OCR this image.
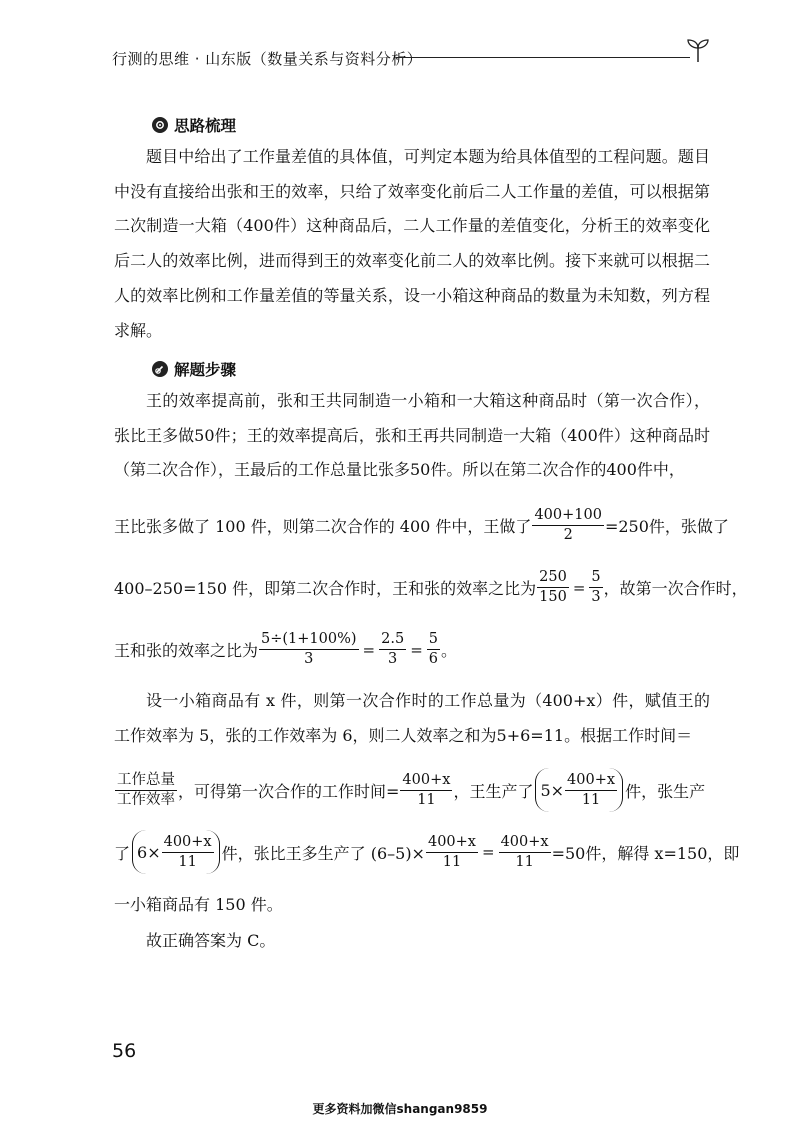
行测的思维 · 山东版（数量关系与资料分析）
思路梳理
题目中给出了工作量差值的具体值，可判定本题为给具体值型的工程问题。题目中没有直接给出张和王的效率，只给了效率变化前后二人工作量的差值，可以根据第二次制造一大箱（400件）这种商品后，二人工作量的差值变化，分析王的效率变化后二人的效率比例，进而得到王的效率变化前二人的效率比例。接下来就可以根据二人的效率比例和工作量差值的等量关系，设一小箱这种商品的数量为未知数，列方程求解。
解题步骤
王的效率提高前，张和王共同制造一小箱和一大箱这种商品时（第一次合作），张比王多做50件；王的效率提高后，张和王再共同制造一大箱（400件）这种商品时（第二次合作），王最后的工作总量比张多50件。所以在第二次合作的400件中，
王比张多做了 100 件，则第二次合作的 400 件中，王做了 $\frac{400+100}{2} =250$件，张做了
400–250=150 件，即第二次合作时，王和张的效率之比为 $\frac{250}{150} = \frac{5}{3}$ ，故第一次合作时，
王和张的效率之比为 $\frac{5\div(1+100\%)}{3} = \frac{2.5}{3} = \frac{5}{6}$ 。
设一小箱商品有 x 件，则第一次合作时的工作总量为（400+x）件，赋值王的工作效率为 5，张的工作效率为 6，则二人效率之和为5+6=11。根据工作时间＝
$\frac{\text{工作总量}}{\text{工作效率}}$ ，可得第一次合作的工作时间= $\frac{400+x}{11}$ ，王生产了 $5\times \frac{400+x}{11}$ 件，张生产
了 $6\times \frac{400+x}{11}$ 件，张比王多生产了 $(6-5)\times \frac{400+x}{11} = \frac{400+x}{11} =50$件，解得 x=150，即
一小箱商品有 150 件。
故正确答案为 C。
56
更多资料加微信shangan9859
